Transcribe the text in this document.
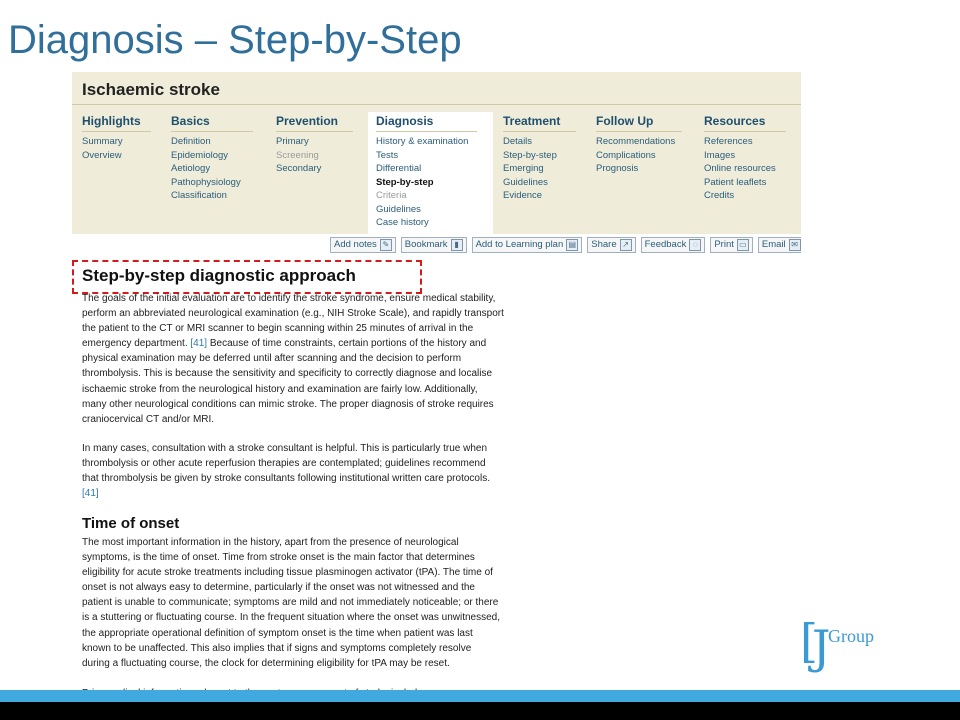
Diagnosis – Step-by-Step
Ischaemic stroke
Highlights
Summary
Overview
Basics
Definition
Epidemiology
Aetiology
Pathophysiology
Classification
Prevention
Primary
Screening
Secondary
Diagnosis
History & examination
Tests
Differential
Step-by-step
Criteria
Guidelines
Case history
Treatment
Details
Step-by-step
Emerging
Guidelines
Evidence
Follow Up
Recommendations
Complications
Prognosis
Resources
References
Images
Online resources
Patient leaflets
Credits
Add notes ✎ Bookmark ▮	Add to Learning plan ▤ Share ↗ Feedback ◌	Print ▭ Email ✉
Step-by-step diagnostic approach
The goals of the initial evaluation are to identify the stroke syndrome, ensure medical stability,
perform an abbreviated neurological examination (e.g., NIH Stroke Scale), and rapidly transport
the patient to the CT or MRI scanner to begin scanning within 25 minutes of arrival in the
emergency department. [41] Because of time constraints, certain portions of the history and
physical examination may be deferred until after scanning and the decision to perform
thrombolysis. This is because the sensitivity and specificity to correctly diagnose and localise
ischaemic stroke from the neurological history and examination are fairly low. Additionally,
many other neurological conditions can mimic stroke. The proper diagnosis of stroke requires
craniocervical CT and/or MRI.
In many cases, consultation with a stroke consultant is helpful. This is particularly true when
thrombolysis or other acute reperfusion therapies are contemplated; guidelines recommend
that thrombolysis be given by stroke consultants following institutional written care protocols.
[41]
Time of onset
The most important information in the history, apart from the presence of neurological
symptoms, is the time of onset. Time from stroke onset is the main factor that determines
eligibility for acute stroke treatments including tissue plasminogen activator (tPA). The time of
onset is not always easy to determine, particularly if the onset was not witnessed and the
patient is unable to communicate; symptoms are mild and not immediately noticeable; or there
is a stuttering or fluctuating course. In the frequent situation where the onset was unwitnessed,
the appropriate operational definition of symptom onset is the time when patient was last
known to be unaffected. This also implies that if signs and symptoms completely resolve
during a fluctuating course, the clock for determining eligibility for tPA may be reset.	[
J
Group
